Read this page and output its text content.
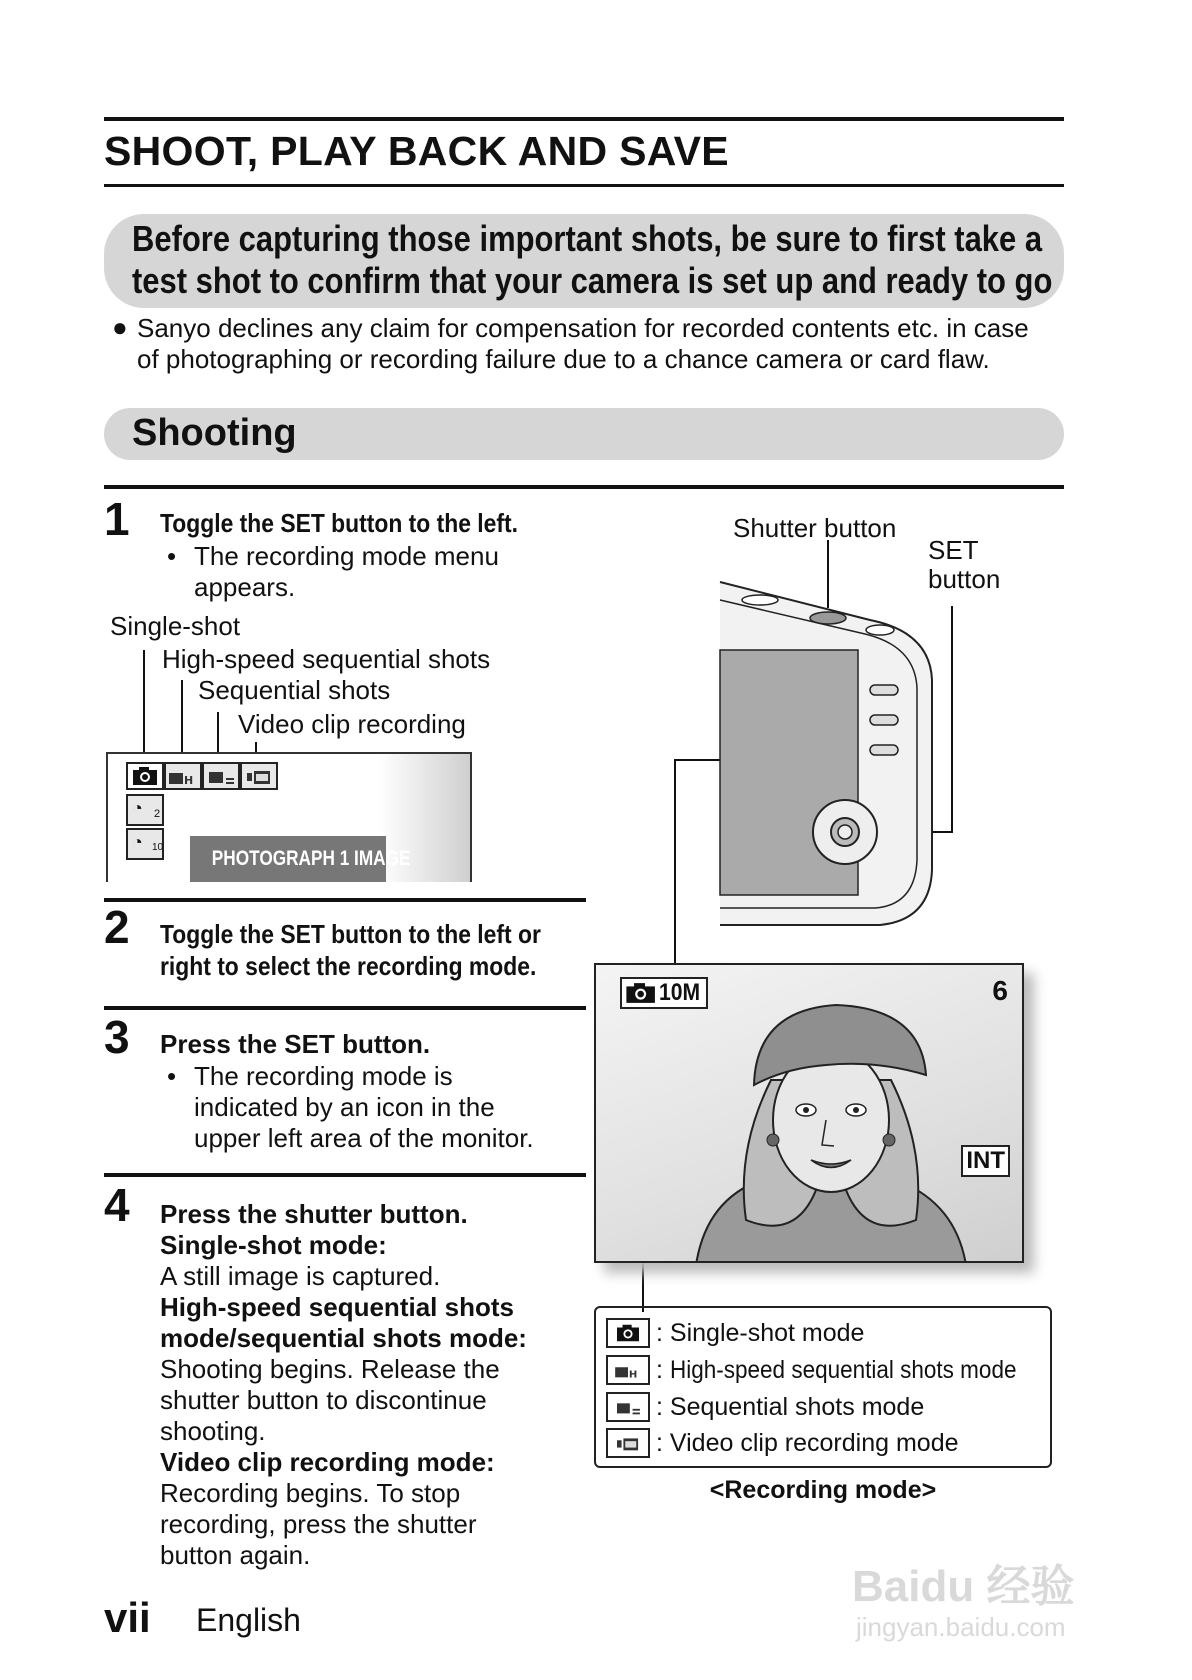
SHOOT, PLAY BACK AND SAVE
Before capturing those important shots, be sure to first take a
test shot to confirm that your camera is set up and ready to go
● Sanyo declines any claim for compensation for recorded contents etc. in case
of photographing or recording failure due to a chance camera or card flaw.
Shooting
1 Toggle the SET button to the left.
• The recording mode menu
appears.
Single-shot
High-speed sequential shots
Sequential shots
Video clip recording
H
◔ 2
◔ 10	PHOTOGRAPH 1 IMAGE
2 Toggle the SET button to the left or
right to select the recording mode.
3 Press the SET button.
• The recording mode is
indicated by an icon in the
upper left area of the monitor.
4 Press the shutter button.
Single-shot mode:
A still image is captured.
High-speed sequential shots
mode/sequential shots mode:
Shooting begins. Release the
shutter button to discontinue
shooting.
Video clip recording mode:
Recording begins. To stop
recording, press the shutter
button again.
Shutter button
SET
button
10M	6
INT
: Single-shot mode
H : High-speed sequential shots mode
: Sequential shots mode
: Video clip recording mode
<Recording mode>
vii English
Baidu 经验
jingyan.baidu.com
